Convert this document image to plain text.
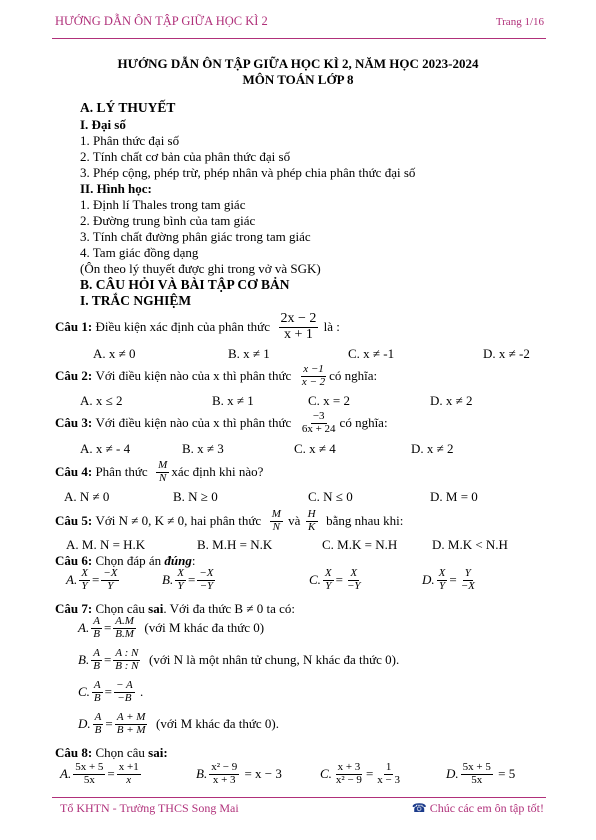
HƯỚNG DẪN ÔN TẬP GIỮA HỌC KÌ 2	Trang 1/16
HƯỚNG DẪN ÔN TẬP GIỮA HỌC KÌ 2, NĂM HỌC 2023-2024
MÔN TOÁN LỚP 8
A. LÝ THUYẾT
I. Đại số
1. Phân thức đại số
2. Tính chất cơ bản của phân thức đại số
3. Phép cộng, phép trừ, phép nhân và phép chia phân thức đại số
II. Hình học:
1. Định lí Thales trong tam giác
2. Đường trung bình của tam giác
3. Tính chất đường phân giác trong tam giác
4. Tam giác đồng dạng
(Ôn theo lý thuyết được ghi trong vở và SGK)
B. CÂU HỎI VÀ BÀI TẬP CƠ BẢN
I. TRẮC NGHIỆM
Câu 1:
Điều kiện xác định của phân thức
$\frac{2x - 2}{x + 1}$
là :
A. x ≠ 0	B. x ≠ 1	C. x ≠ -1	D. x ≠ -2
Câu 2:
Với điều kiện nào của x thì phân thức
$\frac{x -1}{x - 2}$ có nghĩa:
A. x ≤ 2	B. x ≠ 1	C. x = 2	D. x ≠ 2
Câu 3:
Với điều kiện nào của x thì phân thức
$\frac{-3}{6x + 24}$ có nghĩa:
A. x ≠ - 4	B. x ≠ 3	C. x ≠ 4	D. x ≠ 2
Câu 4:
Phân thức
$\frac{M}{N}$ xác định khi nào?
A. N ≠ 0	B. N ≥ 0	C. N ≤ 0	D. M = 0
Câu 5:
Với N ≠ 0, K ≠ 0, hai phân thức
$\frac{M}{N}$
và
$\frac{H}{K}$
bằng nhau khi:
A. M. N = H.K	B. M.H = N.K	C. M.K = N.H	D. M.K < N.H
Câu 6: Chọn đáp án đúng:
A. $\frac{X}{Y} = \frac{-X}{Y}$	B. $\frac{X}{Y} = \frac{-X}{-Y}$	C. $\frac{X}{Y} = \frac{X}{-Y}$	D. $\frac{X}{Y} = \frac{Y}{-X}$
Câu 7: Chọn câu sai. Với đa thức B ≠ 0 ta có:
A. $\frac{A}{B} = \frac{A.M}{B.M}$
(với M khác đa thức 0)
B. $\frac{A}{B} = \frac{A : N}{B : N}$
(với N là một nhân tử chung, N khác đa thức 0).
C. $\frac{A}{B} = \frac{- A}{-B}$
.
D. $\frac{A}{B} = \frac{A + M}{B + M}$
(với M khác đa thức 0).
Câu 8: Chọn câu sai:
A. $\frac{5x + 5}{5x} = \frac{x +1}{x}$	B. $\frac{\text{x² − 9}}{x + 3}$
= x − 3	C. $\frac{x + 3}{\text{x² − 9}} = \frac{1}{x - 3}$	D. $\frac{5x + 5}{5x}$
= 5
Tổ KHTN - Trường THCS Song Mai	☎ Chúc các em ôn tập tốt!
